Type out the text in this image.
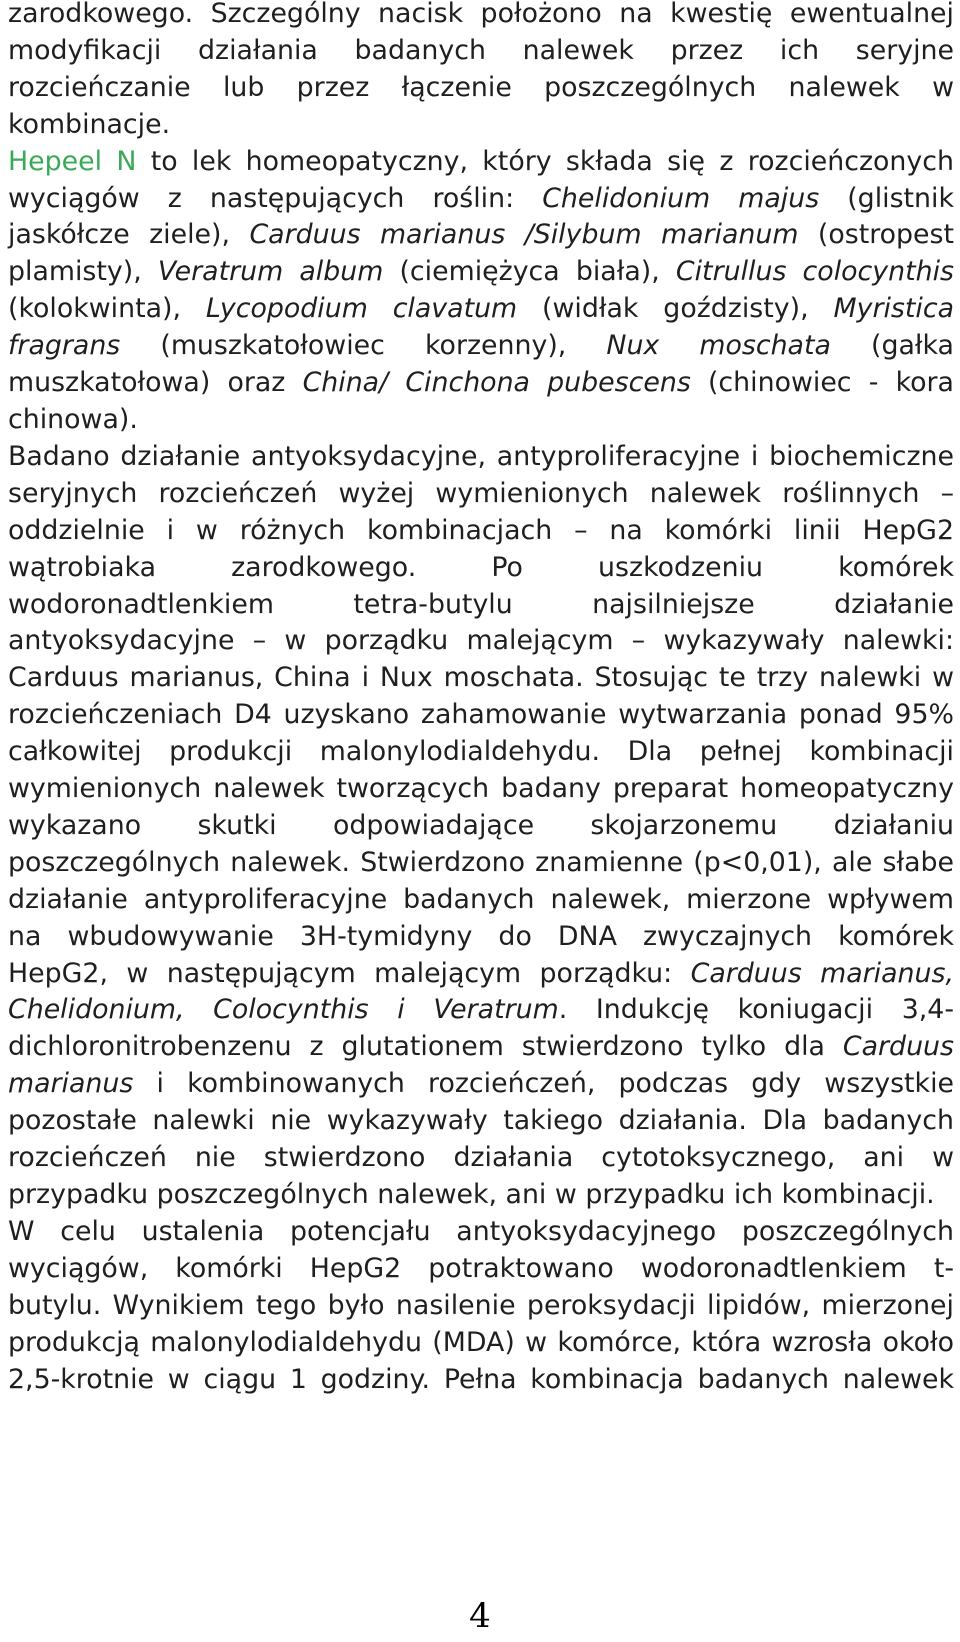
zarodkowego. Szczególny nacisk położono na kwestię ewentualnej modyfikacji działania badanych nalewek przez ich seryjne rozcieńczanie lub przez łączenie poszczególnych nalewek w kombinacje.

Hepeel N to lek homeopatyczny, który składa się z rozcieńczonych wyciągów z następujących roślin: Chelidonium majus (glistnik jaskółcze ziele), Carduus marianus /Silybum marianum (ostropest plamisty), Veratrum album (ciemiężyca biała), Citrullus colocynthis (kolokwinta), Lycopodium clavatum (widłak goździsty), Myristica fragrans (muszkatołowiec korzenny), Nux moschata (gałka muszkatołowa) oraz China/ Cinchona pubescens (chinowiec - kora chinowa).

Badano działanie antyoksydacyjne, antyproliferacyjne i biochemiczne seryjnych rozcieńczeń wyżej wymienionych nalewek roślinnych – oddzielnie i w różnych kombinacjach – na komórki linii HepG2 wątrobiaka zarodkowego. Po uszkodzeniu komórek wodoronadtlenkiem tetra-butylu najsilniejsze działanie antyoksydacyjne – w porządku malejącym – wykazywały nalewki: Carduus marianus, China i Nux moschata. Stosując te trzy nalewki w rozcieńczeniach D4 uzyskano zahamowanie wytwarzania ponad 95% całkowitej produkcji malonylodialdehydu. Dla pełnej kombinacji wymienionych nalewek tworzących badany preparat homeopatyczny wykazano skutki odpowiadające skojarzonemu działaniu poszczególnych nalewek. Stwierdzono znamienne (p<0,01), ale słabe działanie antyproliferacyjne badanych nalewek, mierzone wpływem na wbudowywanie 3H-tymidyny do DNA zwyczajnych komórek HepG2, w następującym malejącym porządku: Carduus marianus, Chelidonium, Colocynthis i Veratrum. Indukcję koniugacji 3,4-dichloronitrobenzenu z glutationem stwierdzono tylko dla Carduus marianus i kombinowanych rozcieńczeń, podczas gdy wszystkie pozostałe nalewki nie wykazywały takiego działania. Dla badanych rozcieńczeń nie stwierdzono działania cytotoksycznego, ani w przypadku poszczególnych nalewek, ani w przypadku ich kombinacji.

W celu ustalenia potencjału antyoksydacyjnego poszczególnych wyciągów, komórki HepG2 potraktowano wodoronadtlenkiem t-butylu. Wynikiem tego było nasilenie peroksydacji lipidów, mierzonej produkcją malonylodialdehydu (MDA) w komórce, która wzrosła około 2,5-krotnie w ciągu 1 godziny. Pełna kombinacja badanych nalewek

4
